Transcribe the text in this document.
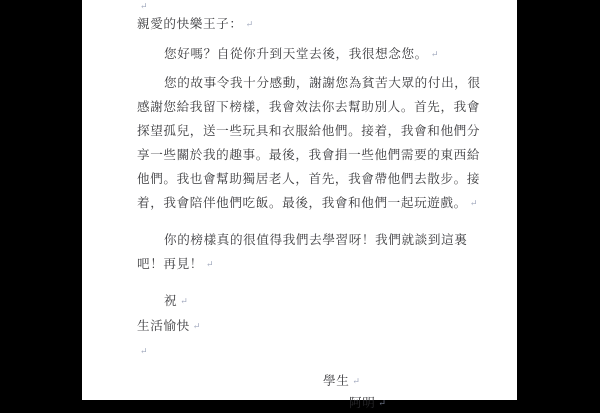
↵
親愛的快樂王子： ↵
您好嗎？自從你升到天堂去後，我很想念您。 ↵
您的故事令我十分感動，謝謝您為貧苦大眾的付出，很
感謝您給我留下榜樣，我會效法你去幫助別人。首先，我會
探望孤兒，送一些玩具和衣服給他們。接着，我會和他們分
享一些關於我的趣事。最後，我會捐一些他們需要的東西給
他們。我也會幫助獨居老人，首先，我會帶他們去散步。接
着，我會陪伴他們吃飯。最後，我會和他們一起玩遊戲。 ↵
你的榜樣真的很值得我們去學習呀！我們就談到這裏
吧！再見！ ↵
祝 ↵
生活愉快 ↵
↵
學生 ↵
阿明 ↵
